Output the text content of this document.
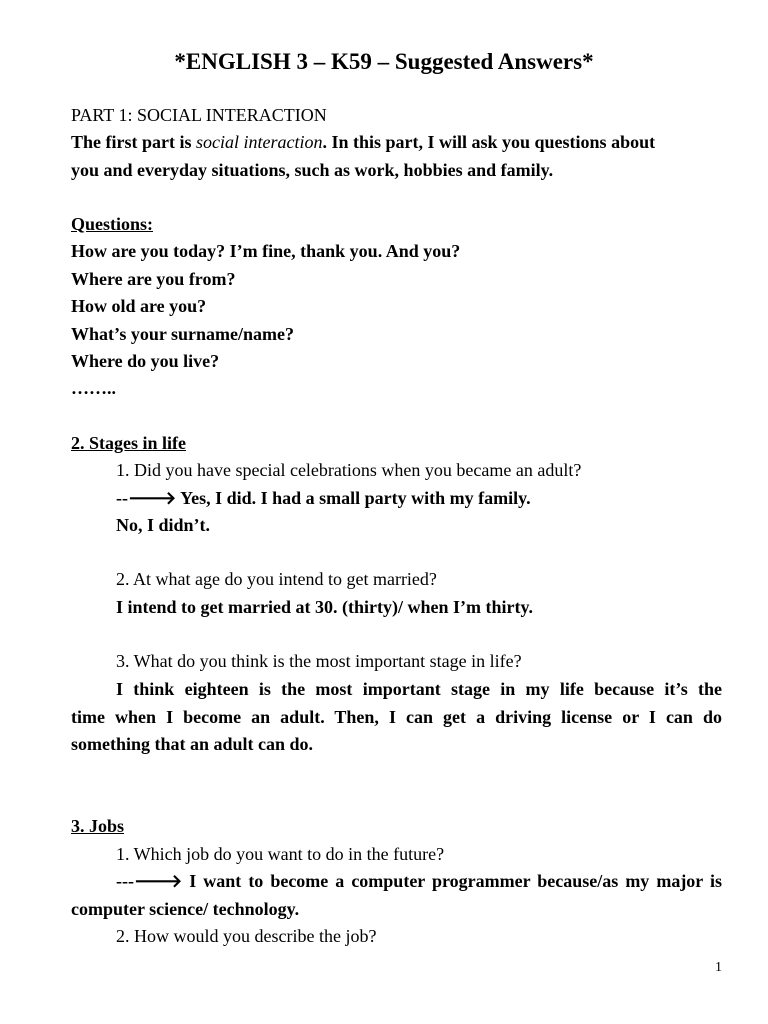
*ENGLISH 3 – K59 – Suggested Answers*

PART 1: SOCIAL INTERACTION

The first part is social interaction. In this part, I will ask you questions about

you and everyday situations, such as work, hobbies and family.

Questions:

How are you today? I’m fine, thank you. And you?

Where are you from?

How old are you?

What’s your surname/name?

Where do you live?

……..

2. Stages in life

1. Did you have special celebrations when you became an adult?

--🡒 Yes, I did. I had a small party with my family.

No, I didn’t.

2. At what age do you intend to get married?

I intend to get married at 30. (thirty)/ when I’m thirty.

3. What do you think is the most important stage in life?

I think eighteen is the most important stage in my life because it’s the

time when I become an adult. Then, I can get a driving license or I can do

something that an adult can do.

3. Jobs

1. Which job do you want to do in the future?

---🡒 I want to become a computer programmer because/as my major is

computer science/ technology.

2. How would you describe the job?

1
